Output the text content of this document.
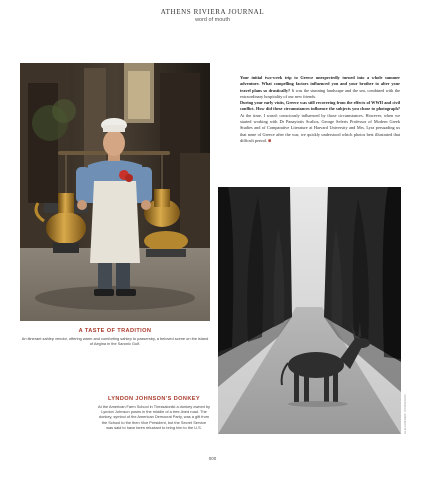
ATHENS RIVIERA JOURNAL
word of mouth

Your initial two-week trip to Greece unexpectedly turned into a whole summer adventure. What compelling factors influenced you and your brother to alter your travel plans so drastically? It was the stunning landscape and the sea, combined with the extraordinary hospitality of our new friends.

During your early visits, Greece was still recovering from the effects of WWII and civil conflict. How did these circumstances influence the subjects you chose to photograph? At the time, I wasn't consciously influenced by those circumstances. However, when we started working with Dr Panayiotis Scalios, George Seferis Professor of Modern Greek Studies and of Comparative Literature at Harvard University and Mrs. Lyra persuading us that none of Greece after the war, we quickly understood which photos best illustrated that difficult period. ■

A TASTE OF TRADITION
An itinerant sahlep vendor, offering warm and comforting sahlep to passersby, a beloved scene on the island of Aegina in the Saronic Gulf.
LYNDON JOHNSON'S DONKEY
At the American Farm School in Thessaloniki a donkey owned by Lyndon Johnson poses in the middle of a tree-lined road. The donkey, symbol of the American Democrat Party, was a gift from the School to the then Vice President, but the Secret Service was said to have been reluctant to bring him to the U.S.	ALEXANDER VINCENZO
000
